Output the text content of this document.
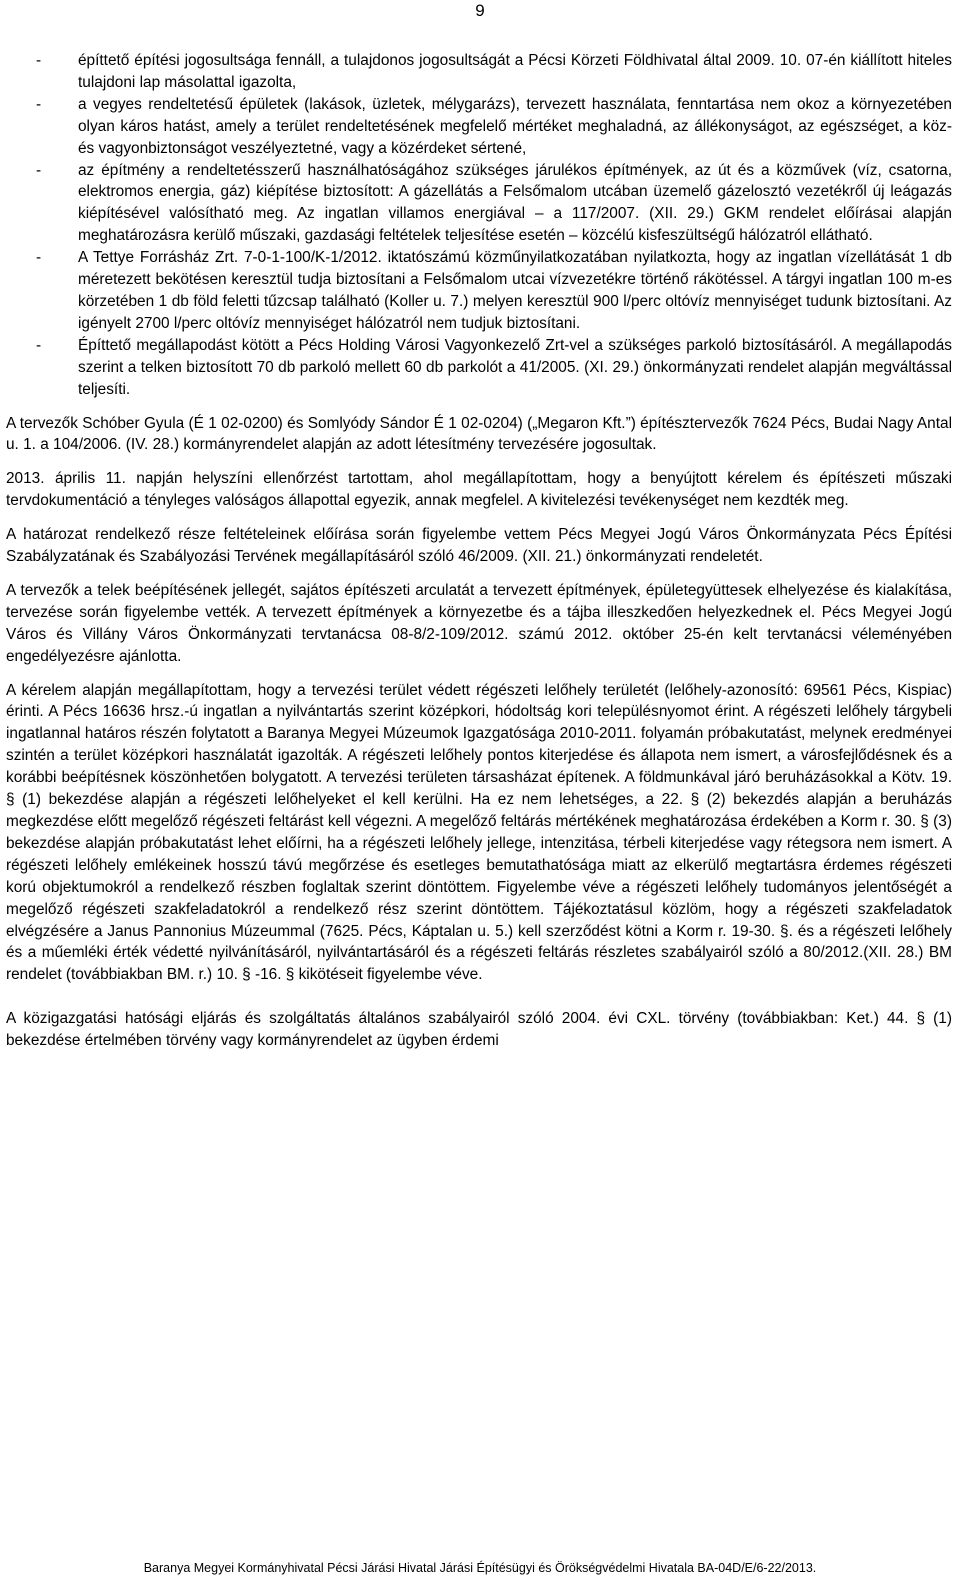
9
- építtető építési jogosultsága fennáll, a tulajdonos jogosultságát a Pécsi Körzeti Földhivatal által 2009. 10. 07-én kiállított hiteles tulajdoni lap másolattal igazolta,
- a vegyes rendeltetésű épületek (lakások, üzletek, mélygarázs), tervezett használata, fenntartása nem okoz a környezetében olyan káros hatást, amely a terület rendeltetésének megfelelő mértéket meghaladná, az állékonyságot, az egészséget, a köz- és vagyonbiztonságot veszélyeztetné, vagy a közérdeket sértené,
- az építmény a rendeltetésszerű használhatóságához szükséges járulékos építmények, az út és a közművek (víz, csatorna, elektromos energia, gáz) kiépítése biztosított: A gázellátás a Felsőmalom utcában üzemelő gázelosztó vezetékről új leágazás kiépítésével valósítható meg. Az ingatlan villamos energiával – a 117/2007. (XII. 29.) GKM rendelet előírásai alapján meghatározásra kerülő műszaki, gazdasági feltételek teljesítése esetén – közcélú kisfeszültségű hálózatról ellátható.
- A Tettye Forrásház Zrt. 7-0-1-100/K-1/2012. iktatószámú közműnyilatkozatában nyilatkozta, hogy az ingatlan vízellátását 1 db méretezett bekötésen keresztül tudja biztosítani a Felsőmalom utcai vízvezetékre történő rákötéssel. A tárgyi ingatlan 100 m-es körzetében 1 db föld feletti tűzcsap található (Koller u. 7.) melyen keresztül 900 l/perc oltóvíz mennyiséget tudunk biztosítani. Az igényelt 2700 l/perc oltóvíz mennyiséget hálózatról nem tudjuk biztosítani.
- Építtető megállapodást kötött a Pécs Holding Városi Vagyonkezelő Zrt-vel a szükséges parkoló biztosításáról. A megállapodás szerint a telken biztosított 70 db parkoló mellett 60 db parkolót a 41/2005. (XI. 29.) önkormányzati rendelet alapján megváltással teljesíti.

A tervezők Schóber Gyula (É 1 02-0200) és Somlyódy Sándor É 1 02-0204) („Megaron Kft.”) építésztervezők 7624 Pécs, Budai Nagy Antal u. 1. a 104/2006. (IV. 28.) kormányrendelet alapján az adott létesítmény tervezésére jogosultak.

2013. április 11. napján helyszíni ellenőrzést tartottam, ahol megállapítottam, hogy a benyújtott kérelem és építészeti műszaki tervdokumentáció a tényleges valóságos állapottal egyezik, annak megfelel. A kivitelezési tevékenységet nem kezdték meg.

A határozat rendelkező része feltételeinek előírása során figyelembe vettem Pécs Megyei Jogú Város Önkormányzata Pécs Építési Szabályzatának és Szabályozási Tervének megállapításáról szóló 46/2009. (XII. 21.) önkormányzati rendeletét.

A tervezők a telek beépítésének jellegét, sajátos építészeti arculatát a tervezett építmények, épületegyüttesek elhelyezése és kialakítása, tervezése során figyelembe vették. A tervezett építmények a környezetbe és a tájba illeszkedően helyezkednek el. Pécs Megyei Jogú Város és Villány Város Önkormányzati tervtanácsa 08-8/2-109/2012. számú 2012. október 25-én kelt tervtanácsi véleményében engedélyezésre ajánlotta.

A kérelem alapján megállapítottam, hogy a tervezési terület védett régészeti lelőhely területét (lelőhely-azonosító: 69561 Pécs, Kispiac) érinti. A Pécs 16636 hrsz.-ú ingatlan a nyilvántartás szerint középkori, hódoltság kori településnyomot érint. A régészeti lelőhely tárgybeli ingatlannal határos részén folytatott a Baranya Megyei Múzeumok Igazgatósága 2010-2011. folyamán próbakutatást, melynek eredményei szintén a terület középkori használatát igazolták. A régészeti lelőhely pontos kiterjedése és állapota nem ismert, a városfejlődésnek és a korábbi beépítésnek köszönhetően bolygatott. A tervezési területen társasházat építenek. A földmunkával járó beruházásokkal a Kötv. 19. § (1) bekezdése alapján a régészeti lelőhelyeket el kell kerülni. Ha ez nem lehetséges, a 22. § (2) bekezdés alapján a beruházás megkezdése előtt megelőző régészeti feltárást kell végezni. A megelőző feltárás mértékének meghatározása érdekében a Korm r. 30. § (3) bekezdése alapján próbakutatást lehet előírni, ha a régészeti lelőhely jellege, intenzitása, térbeli kiterjedése vagy rétegsora nem ismert. A régészeti lelőhely emlékeinek hosszú távú megőrzése és esetleges bemutathatósága miatt az elkerülő megtartásra érdemes régészeti korú objektumokról a rendelkező részben foglaltak szerint döntöttem. Figyelembe véve a régészeti lelőhely tudományos jelentőségét a megelőző régészeti szakfeladatokról a rendelkező rész szerint döntöttem. Tájékoztatásul közlöm, hogy a régészeti szakfeladatok elvégzésére a Janus Pannonius Múzeummal (7625. Pécs, Káptalan u. 5.) kell szerződést kötni a Korm r. 19-30. §. és a régészeti lelőhely és a műemléki érték védetté nyilvánításáról, nyilvántartásáról és a régészeti feltárás részletes szabályairól szóló a 80/2012.(XII. 28.) BM rendelet (továbbiakban BM. r.) 10. § -16. § kikötéseit figyelembe véve.

A közigazgatási hatósági eljárás és szolgáltatás általános szabályairól szóló 2004. évi CXL. törvény (továbbiakban: Ket.) 44. § (1) bekezdése értelmében törvény vagy kormányrendelet az ügyben érdemi

Baranya Megyei Kormányhivatal Pécsi Járási Hivatal Járási Építésügyi és Örökségvédelmi Hivatala BA-04D/E/6-22/2013.
